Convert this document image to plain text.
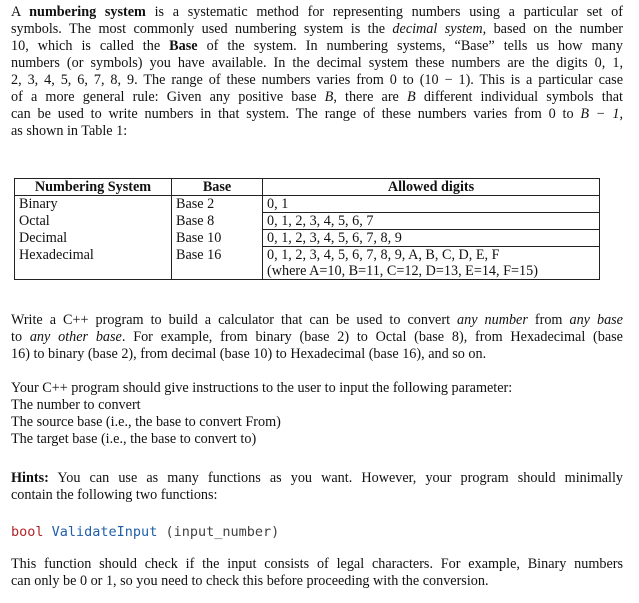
A numbering system is a systematic method for representing numbers using a particular set of
symbols. The most commonly used numbering system is the decimal system, based on the number
10, which is called the Base of the system. In numbering systems, “Base” tells us how many
numbers (or symbols) you have available. In the decimal system these numbers are the digits 0, 1,
2, 3, 4, 5, 6, 7, 8, 9. The range of these numbers varies from 0 to (10 − 1). This is a particular case
of a more general rule: Given any positive base B, there are B different individual symbols that
can be used to write numbers in that system. The range of these numbers varies from 0 to B − 1,
as shown in Table 1:
Numbering System	Base	Allowed digits
Binary	Base 2	0, 1
Octal	Base 8	0, 1, 2, 3, 4, 5, 6, 7
Decimal	Base 10	0, 1, 2, 3, 4, 5, 6, 7, 8, 9
Hexadecimal	Base 16	0, 1, 2, 3, 4, 5, 6, 7, 8, 9, A, B, C, D, E, F
(where A=10, B=11, C=12, D=13, E=14, F=15)
Write a C++ program to build a calculator that can be used to convert any number from any base
to any other base. For example, from binary (base 2) to Octal (base 8), from Hexadecimal (base
16) to binary (base 2), from decimal (base 10) to Hexadecimal (base 16), and so on.
Your C++ program should give instructions to the user to input the following parameter:
The number to convert
The source base (i.e., the base to convert From)
The target base (i.e., the base to convert to)
Hints: You can use as many functions as you want. However, your program should minimally
contain the following two functions:
bool ValidateInput (input_number)
This function should check if the input consists of legal characters. For example, Binary numbers
can only be 0 or 1, so you need to check this before proceeding with the conversion.
